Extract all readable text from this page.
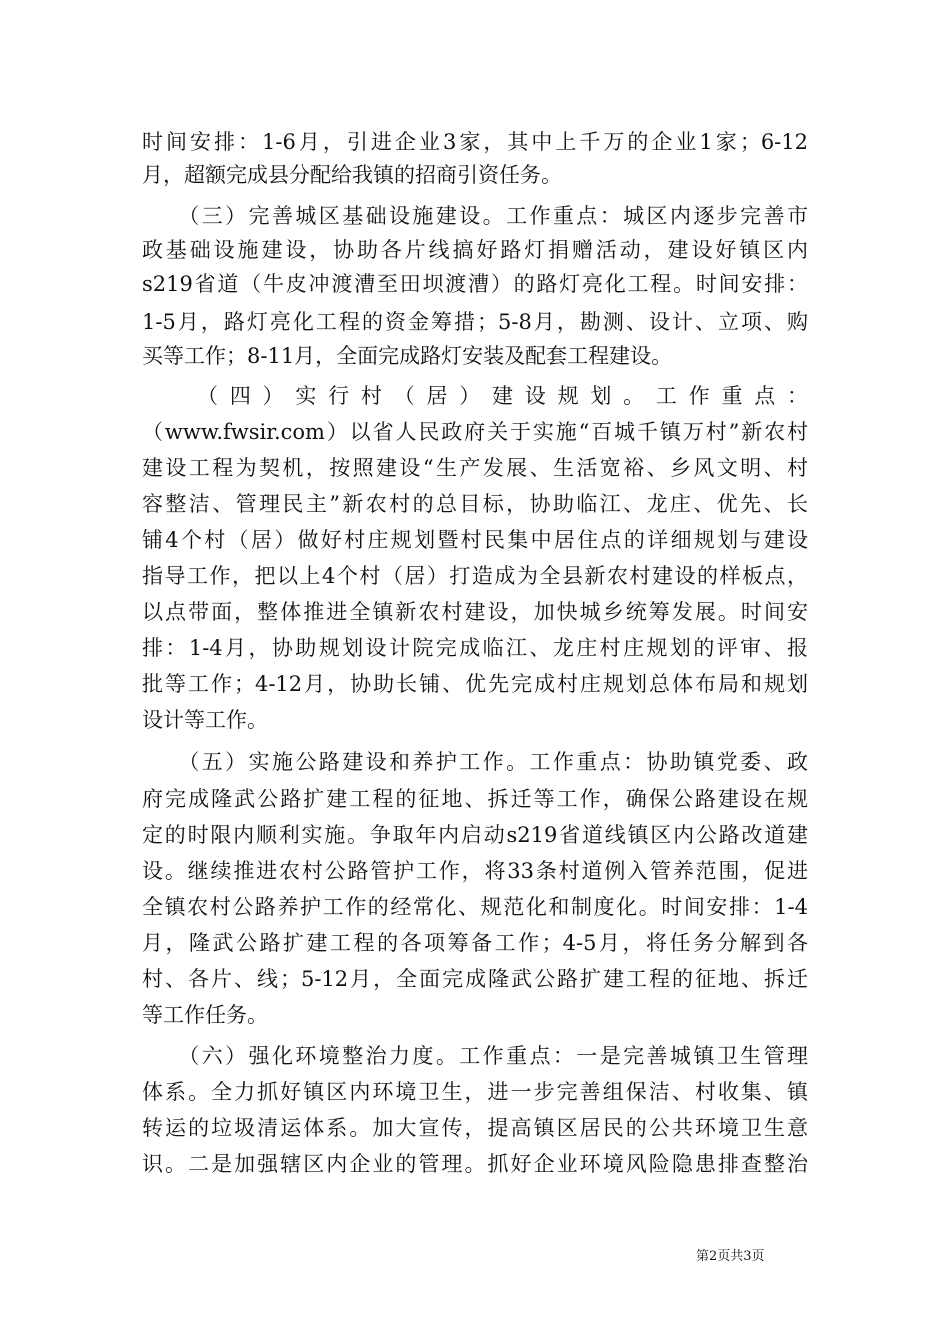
时间安排：1-6月，引进企业3家，其中上千万的企业1家；6-12
月，超额完成县分配给我镇的招商引资任务。
　　（三）完善城区基础设施建设。工作重点：城区内逐步完善市
政基础设施建设，协助各片线搞好路灯捐赠活动，建设好镇区内
s219省道（牛皮冲渡漕至田坝渡漕）的路灯亮化工程。时间安排：
1-5月，路灯亮化工程的资金筹措；5-8月，勘测、设计、立项、购
买等工作；8-11月，全面完成路灯安装及配套工程建设。
　　（四）实行村（居）建设规划。工作重点：
（www.fwsir.com）以省人民政府关于实施“百城千镇万村”新农村
建设工程为契机，按照建设“生产发展、生活宽裕、乡风文明、村
容整洁、管理民主”新农村的总目标，协助临江、龙庄、优先、长
铺4个村（居）做好村庄规划暨村民集中居住点的详细规划与建设
指导工作，把以上4个村（居）打造成为全县新农村建设的样板点，
以点带面，整体推进全镇新农村建设，加快城乡统筹发展。时间安
排：1-4月，协助规划设计院完成临江、龙庄村庄规划的评审、报
批等工作；4-12月，协助长铺、优先完成村庄规划总体布局和规划
设计等工作。
　　（五）实施公路建设和养护工作。工作重点：协助镇党委、政
府完成隆武公路扩建工程的征地、拆迁等工作，确保公路建设在规
定的时限内顺利实施。争取年内启动s219省道线镇区内公路改道建
设。继续推进农村公路管护工作，将33条村道例入管养范围，促进
全镇农村公路养护工作的经常化、规范化和制度化。时间安排：1-4
月，隆武公路扩建工程的各项筹备工作；4-5月，将任务分解到各
村、各片、线；5-12月，全面完成隆武公路扩建工程的征地、拆迁
等工作任务。
　　（六）强化环境整治力度。工作重点：一是完善城镇卫生管理
体系。全力抓好镇区内环境卫生，进一步完善组保洁、村收集、镇
转运的垃圾清运体系。加大宣传，提高镇区居民的公共环境卫生意
识。二是加强辖区内企业的管理。抓好企业环境风险隐患排查整治
第2页共3页
